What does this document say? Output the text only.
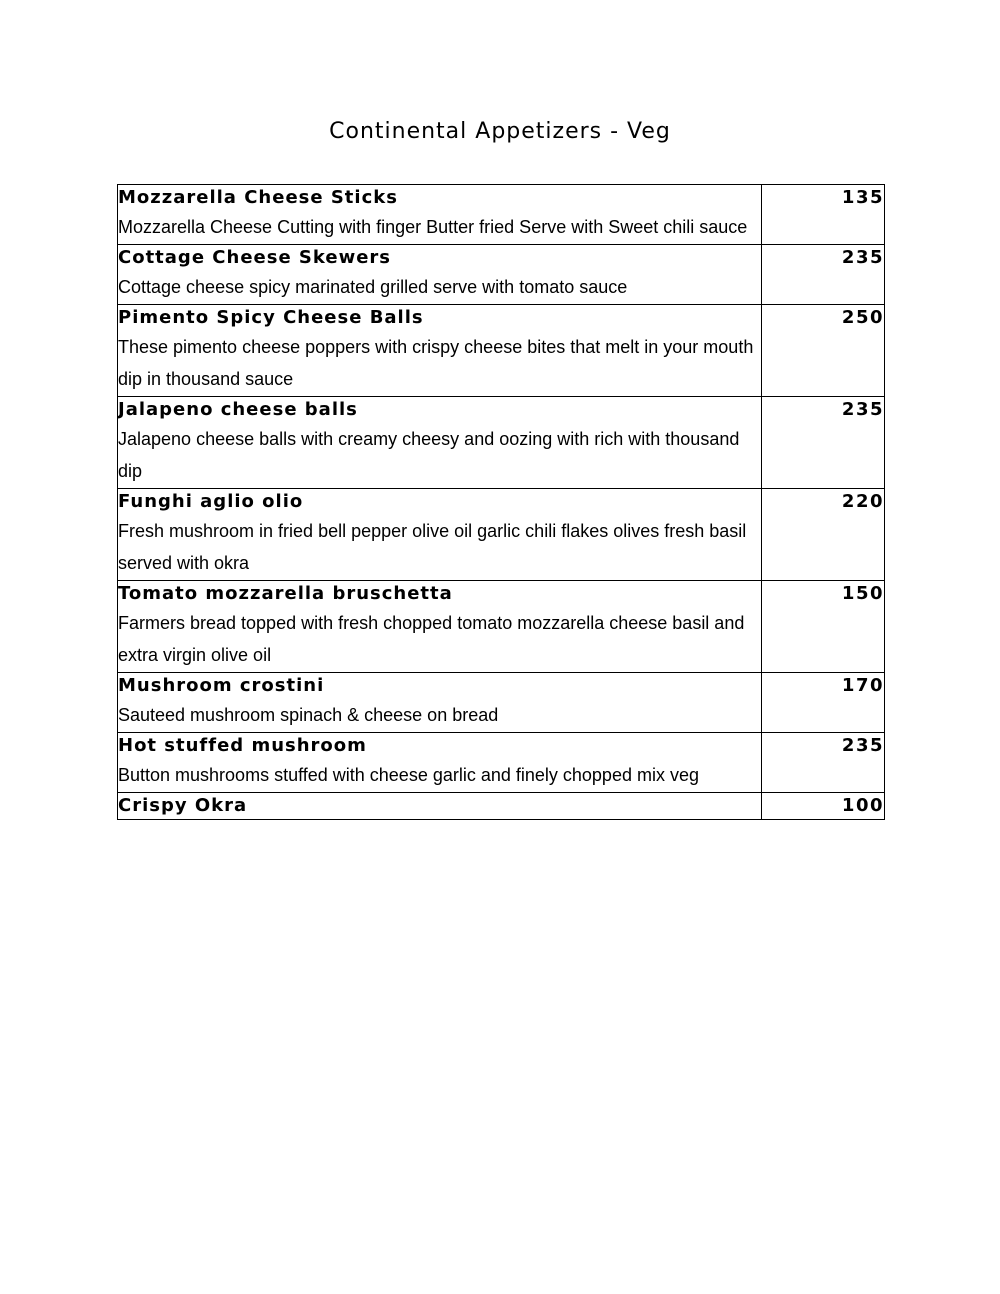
Continental Appetizers - Veg
Mozzarella Cheese Sticks
Mozzarella Cheese Cutting with finger Butter fried Serve with Sweet chili sauce	135

Cottage Cheese Skewers
Cottage cheese spicy marinated grilled serve with tomato sauce	235

Pimento Spicy Cheese Balls
These pimento cheese poppers with crispy cheese bites that melt in your mouth dip in thousand sauce	250

Jalapeno cheese balls
Jalapeno cheese balls with creamy cheesy and oozing with rich with thousand dip	235

Funghi aglio olio
Fresh mushroom in fried bell pepper olive oil garlic chili flakes olives fresh basil served with okra	220

Tomato mozzarella bruschetta
Farmers bread topped with fresh chopped tomato mozzarella cheese basil and extra virgin olive oil	150

Mushroom crostini
Sauteed mushroom spinach & cheese on bread	170

Hot stuffed mushroom
Button mushrooms stuffed with cheese garlic and finely chopped mix veg	235

Crispy Okra	100
